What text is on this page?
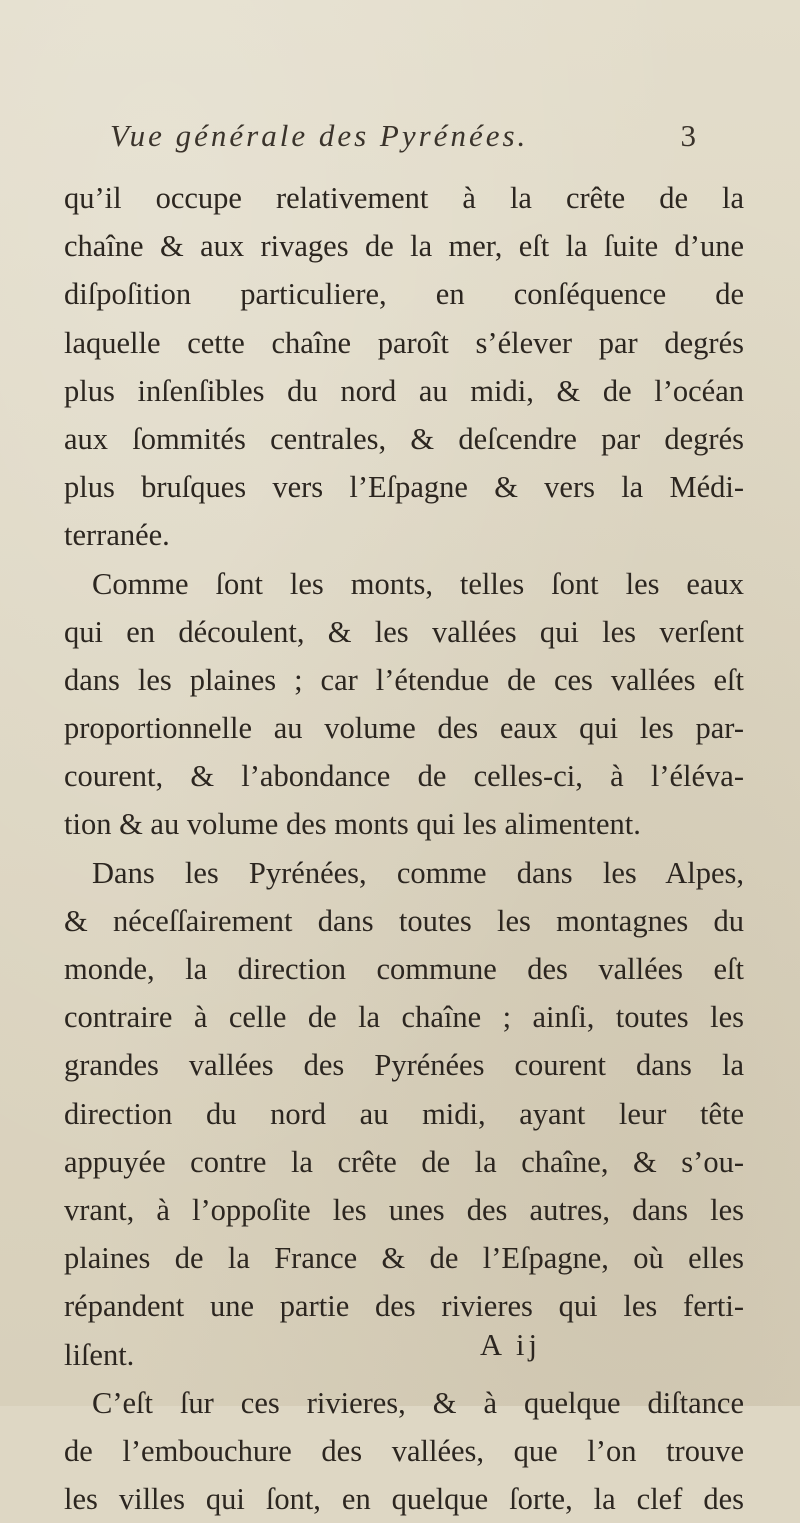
Vue générale des Pyrénées.	3
qu’il occupe relativement à la crête de la
chaîne & aux rivages de la mer, eſt la ſuite d’une
diſpoſition particuliere, en conſéquence de
laquelle cette chaîne paroît s’élever par degrés
plus inſenſibles du nord au midi, & de l’océan
aux ſommités centrales, & deſcendre par degrés
plus bruſques vers l’Eſpagne & vers la Médi-
terranée.
Comme ſont les monts, telles ſont les eaux
qui en découlent, & les vallées qui les verſent
dans les plaines ; car l’étendue de ces vallées eſt
proportionnelle au volume des eaux qui les par-
courent, & l’abondance de celles-ci, à l’éléva-
tion & au volume des monts qui les alimentent.
Dans les Pyrénées, comme dans les Alpes,
& néceſſairement dans toutes les montagnes du
monde, la direction commune des vallées eſt
contraire à celle de la chaîne ; ainſi, toutes les
grandes vallées des Pyrénées courent dans la
direction du nord au midi, ayant leur tête
appuyée contre la crête de la chaîne, & s’ou-
vrant, à l’oppoſite les unes des autres, dans les
plaines de la France & de l’Eſpagne, où elles
répandent une partie des rivieres qui les ferti-
liſent.
C’eſt ſur ces rivieres, & à quelque diſtance
de l’embouchure des vallées, que l’on trouve
les villes qui ſont, en quelque ſorte, la clef des
A ij
